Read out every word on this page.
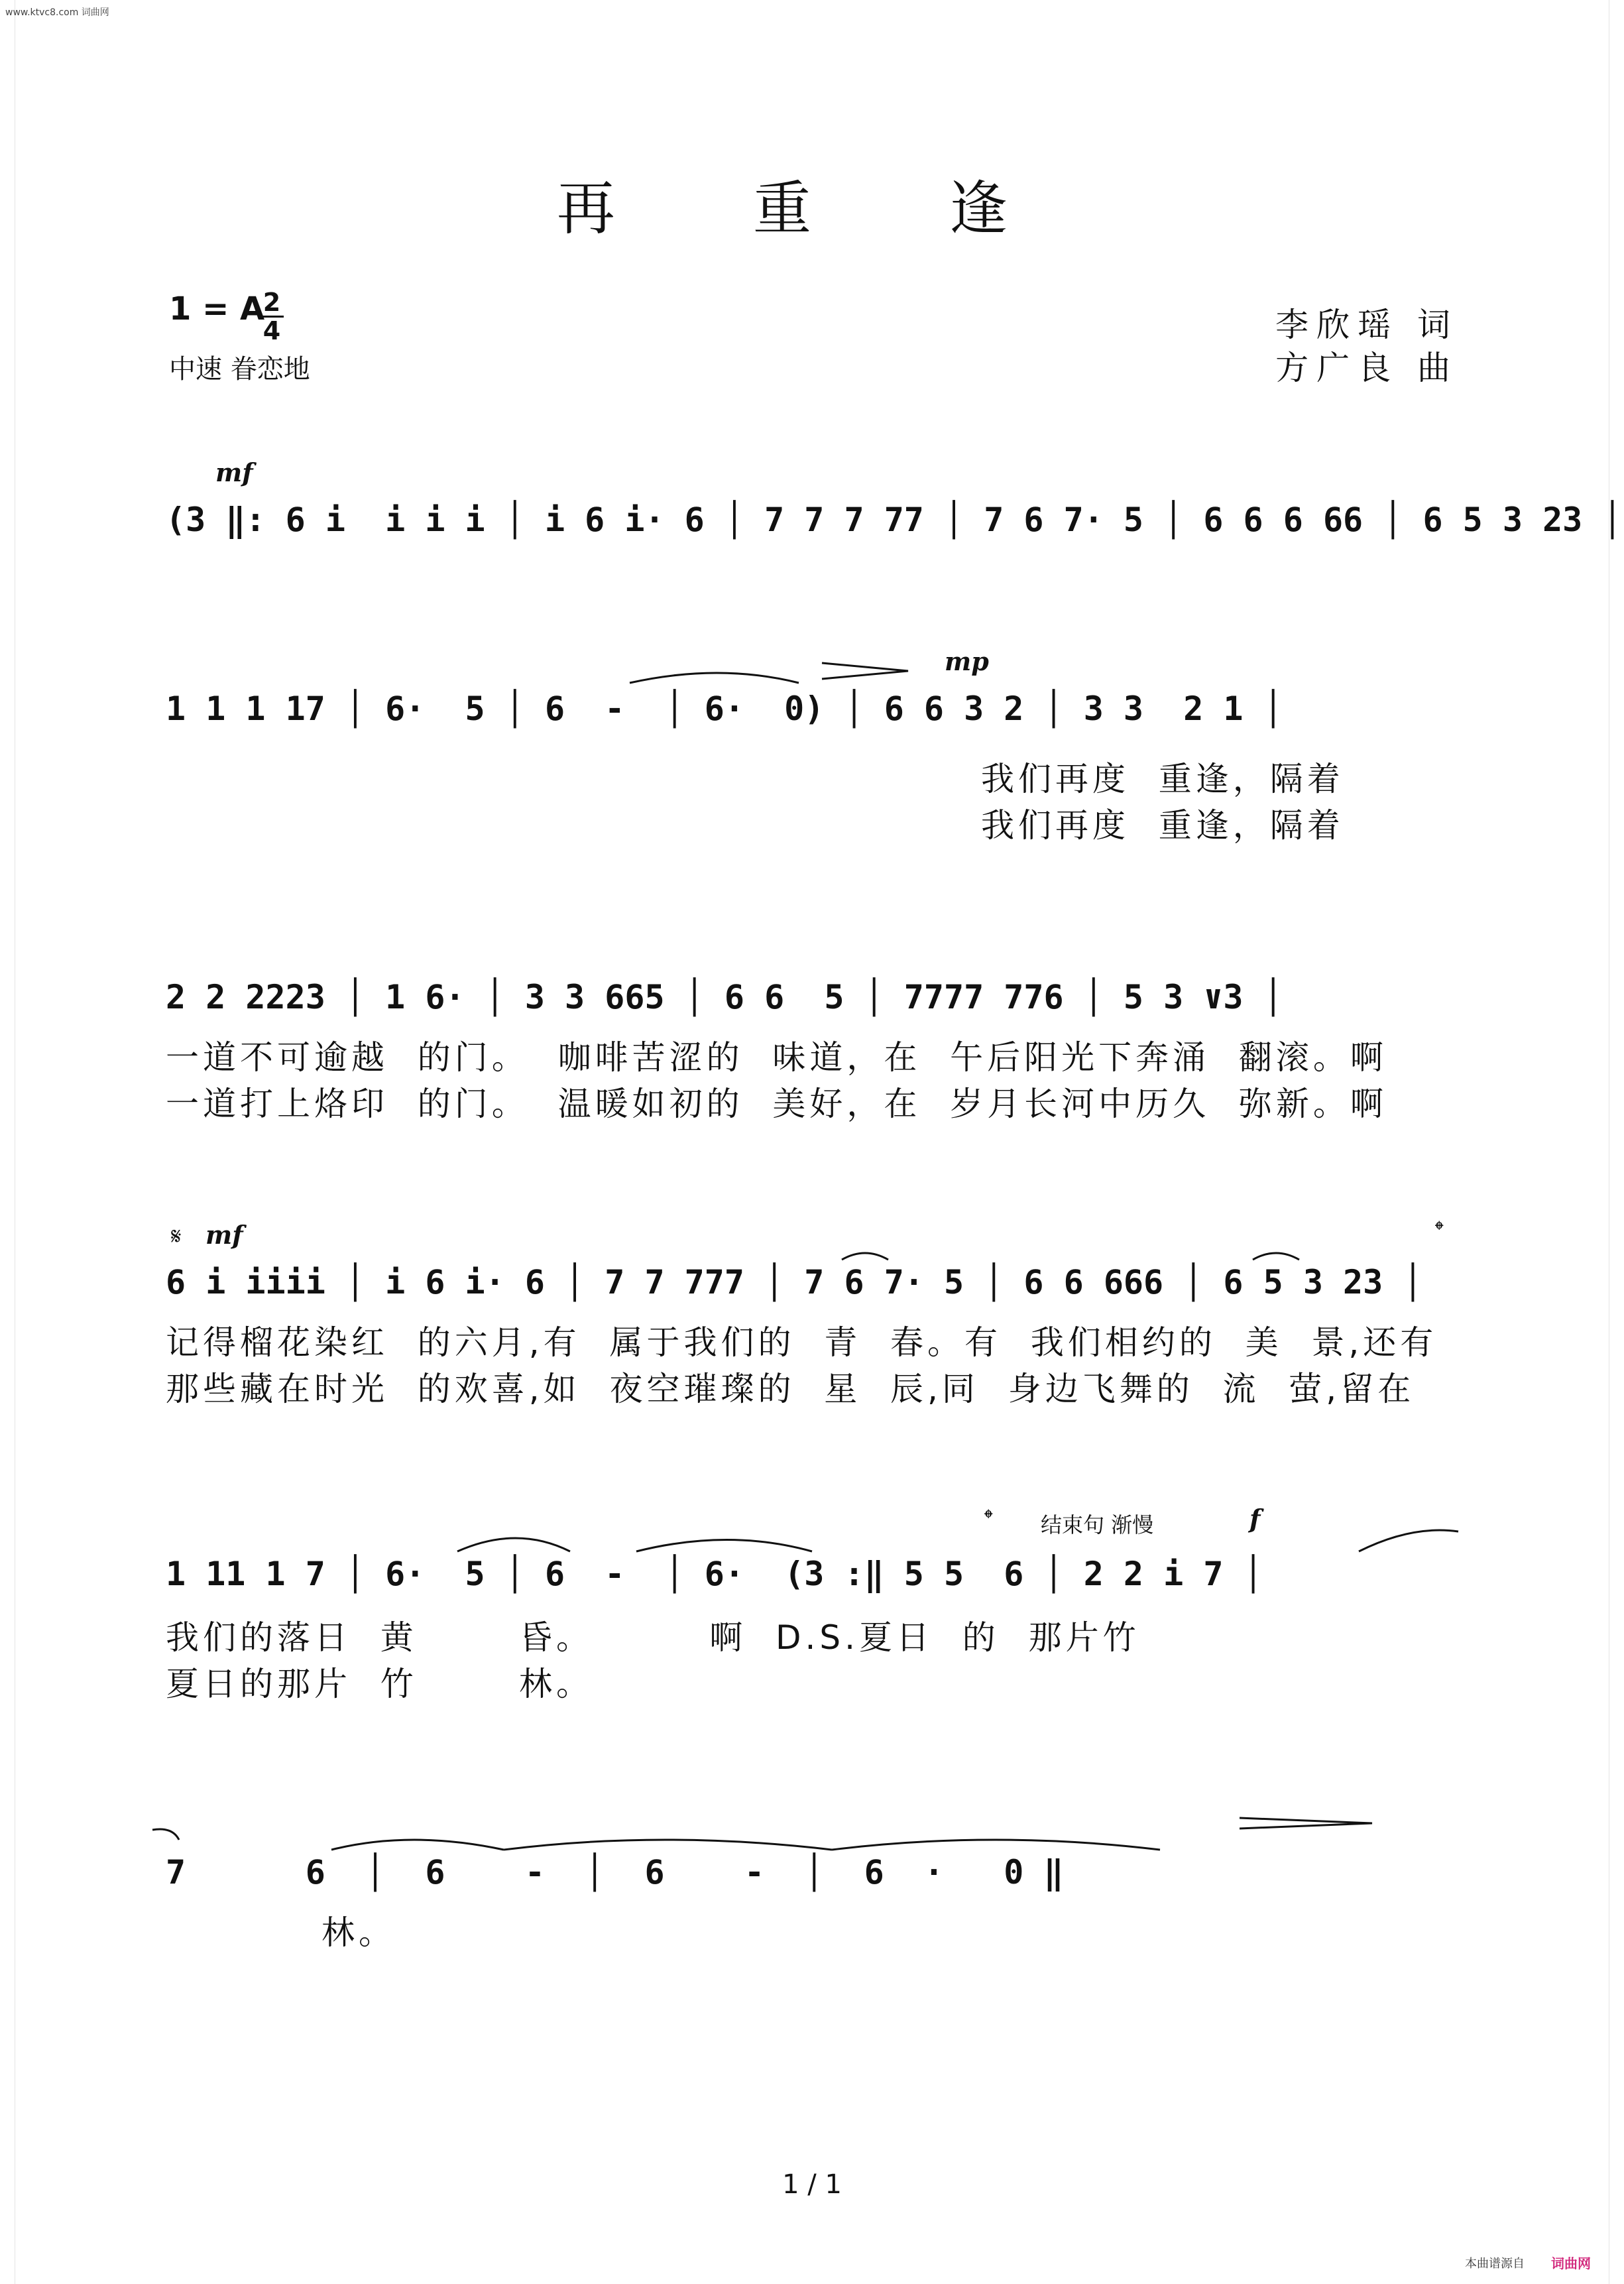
www.ktvc8.com 词曲网
再 重 逢
1 = A
2
4
中速 眷恋地
李欣瑶 词
方广良 曲
mf
(3 ‖: 6 i  i i i │ i 6 i· 6 │ 7 7 7 77 │ 7 6 7· 5 │ 6 6 6 66 │ 6 5 3 23 │
mp
1 1 1 17 │ 6·  5 │ 6  -  │ 6·  0) │ 6 6 3 2 │ 3 3  2 1 │
我们再度  重逢，隔着
我们再度  重逢，隔着
2 2 2223 │ 1 6· │ 3 3 665 │ 6 6  5 │ 7777 776 │ 5 3 ∨3 │
一道不可逾越  的门。  咖啡苦涩的  味道，在  午后阳光下奔涌  翻滚。啊
一道打上烙印  的门。  温暖如初的  美好，在  岁月长河中历久  弥新。啊
𝄋 mf	𝄌
6 i iiii │ i 6 i· 6 │ 7 7 777 │ 7 6 7· 5 │ 6 6 666 │ 6 5 3 23 │
记得榴花染红  的六月,有  属于我们的  青  春。有  我们相约的  美  景,还有
那些藏在时光  的欢喜,如  夜空璀璨的  星  辰,同  身边飞舞的  流  萤,留在
𝄌 结束句 渐慢	f
1 11 1 7 │ 6·  5 │ 6  -  │ 6·  (3 :‖ 5 5  6 │ 2 2 i 7 │
我们的落日  黄       昏。        啊  D.S.夏日  的  那片竹
夏日的那片  竹       林。
7      6  │  6    -  │  6    -  │  6  ·   0 ‖
林。
1 / 1
本曲谱源自 词曲网
